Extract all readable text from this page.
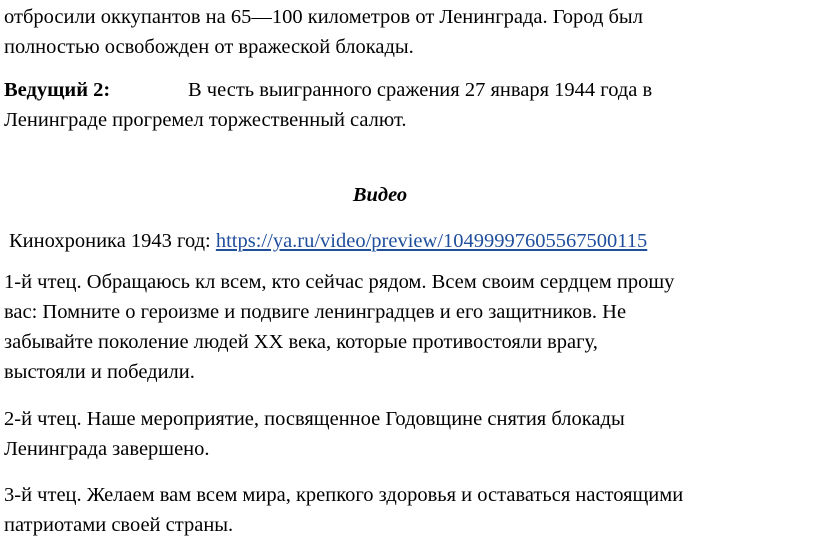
отбросили оккупантов на 65—100 километров от Ленинграда. Город был
полностью освобожден от вражеской блокады.

Ведущий 2:	В честь выигранного сражения 27 января 1944 года в
Ленинграде прогремел торжественный салют.

Видео

Кинохроника 1943 год: https://ya.ru/video/preview/10499997605567500115

1-й чтец. Обращаюсь кл всем, кто сейчас рядом. Всем своим сердцем прошу
вас: Помните о героизме и подвиге ленинградцев и его защитников. Не
забывайте поколение людей XX века, которые противостояли врагу,
выстояли и победили.

2-й чтец. Наше мероприятие, посвященное Годовщине снятия блокады
Ленинграда завершено.

3-й чтец. Желаем вам всем мира, крепкого здоровья и оставаться настоящими
патриотами своей страны.
